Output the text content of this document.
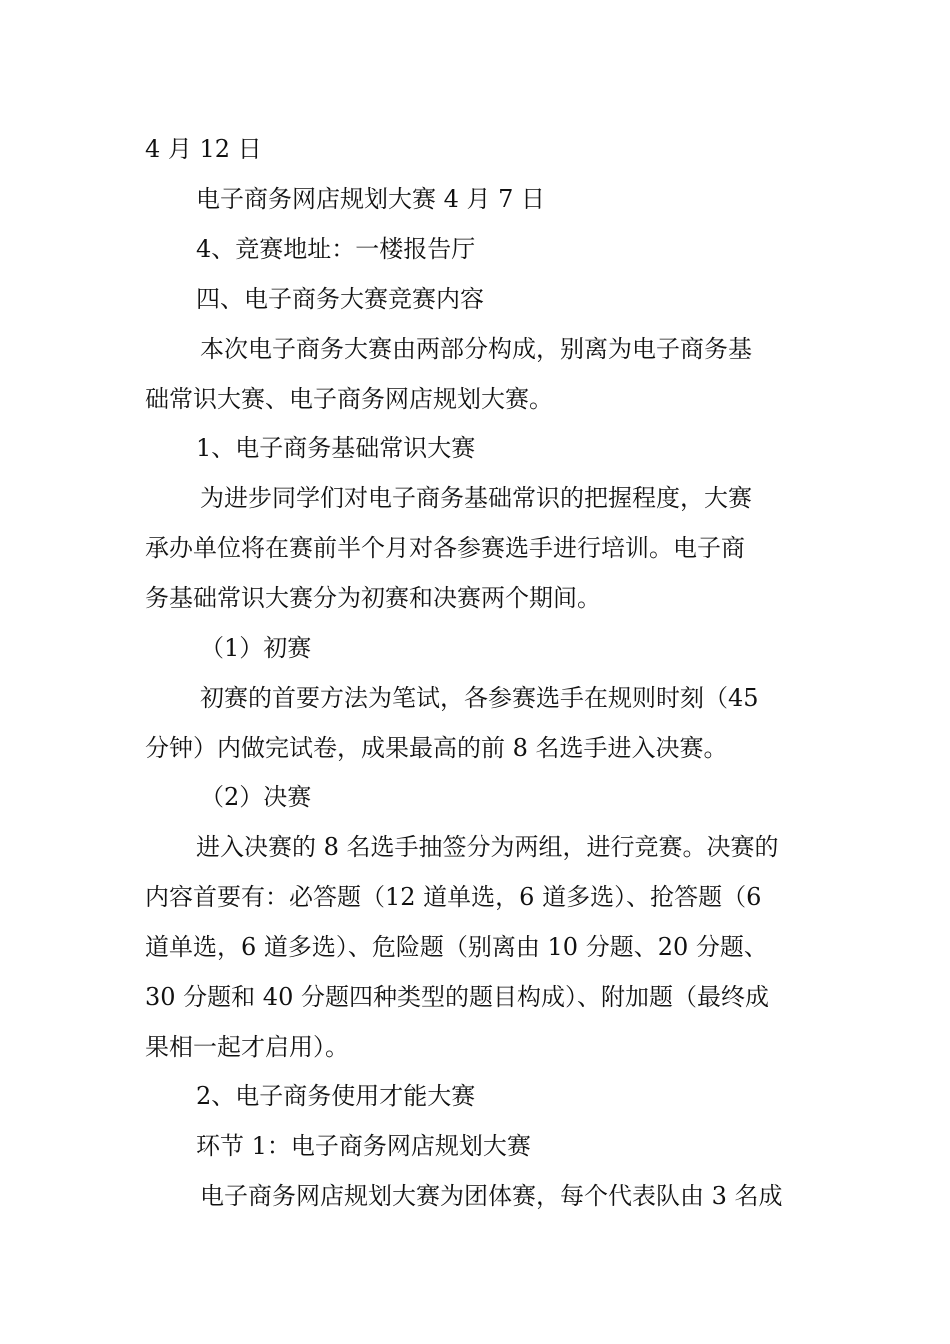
4 月 12 日
电子商务网店规划大赛 4 月 7 日
4、竞赛地址：一楼报告厅
四、电子商务大赛竞赛内容
本次电子商务大赛由两部分构成，别离为电子商务基
础常识大赛、电子商务网店规划大赛。
1、电子商务基础常识大赛
为进步同学们对电子商务基础常识的把握程度，大赛
承办单位将在赛前半个月对各参赛选手进行培训。电子商
务基础常识大赛分为初赛和决赛两个期间。
（1）初赛
初赛的首要方法为笔试，各参赛选手在规则时刻（45
分钟）内做完试卷，成果最高的前 8 名选手进入决赛。
（2）决赛
进入决赛的 8 名选手抽签分为两组，进行竞赛。决赛的
内容首要有：必答题（12 道单选，6 道多选）、抢答题（6
道单选，6 道多选）、危险题（别离由 10 分题、20 分题、
30 分题和 40 分题四种类型的题目构成）、附加题（最终成
果相一起才启用）。
2、电子商务使用才能大赛
环节 1：电子商务网店规划大赛
电子商务网店规划大赛为团体赛，每个代表队由 3 名成
